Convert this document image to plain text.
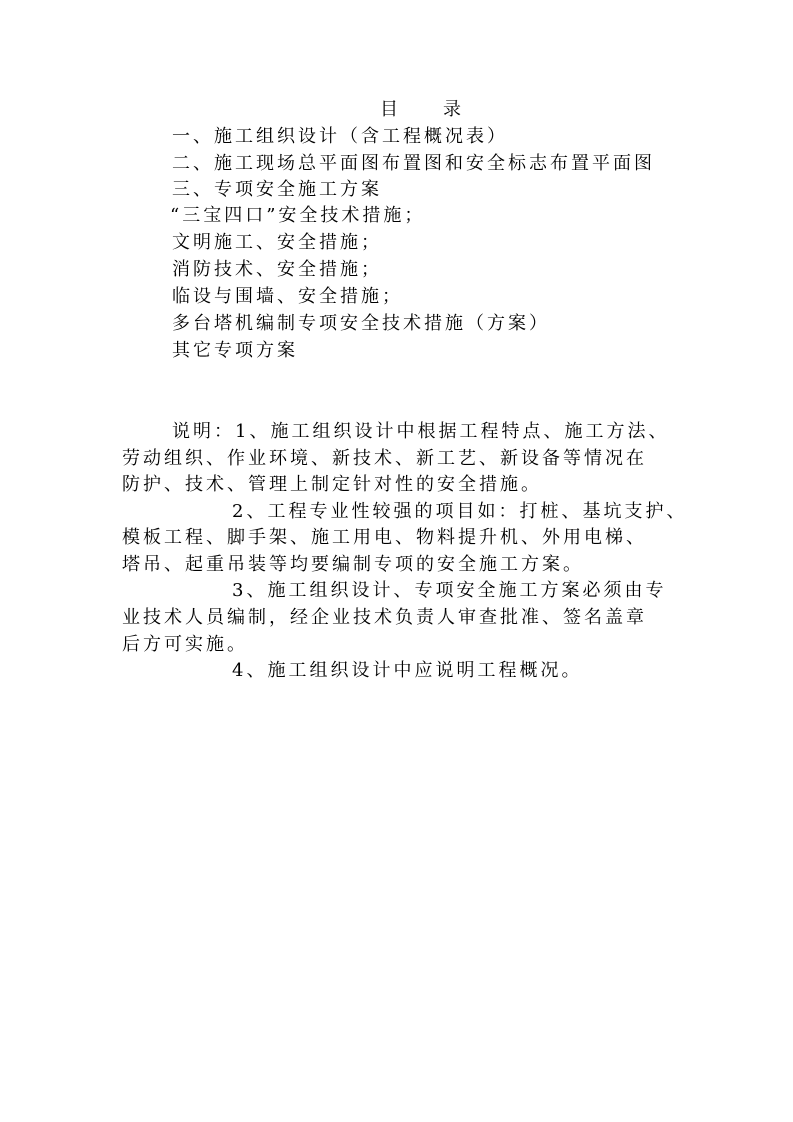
目　　录
一、施工组织设计（含工程概况表）
二、施工现场总平面图布置图和安全标志布置平面图
三、专项安全施工方案
“三宝四口”安全技术措施；
文明施工、安全措施；
消防技术、安全措施；
临设与围墙、安全措施；
多台塔机编制专项安全技术措施（方案）
其它专项方案
说明：1、施工组织设计中根据工程特点、施工方法、
劳动组织、作业环境、新技术、新工艺、新设备等情况在
防护、技术、管理上制定针对性的安全措施。
2、工程专业性较强的项目如：打桩、基坑支护、
模板工程、脚手架、施工用电、物料提升机、外用电梯、
塔吊、起重吊装等均要编制专项的安全施工方案。
3、施工组织设计、专项安全施工方案必须由专
业技术人员编制，经企业技术负责人审查批准、签名盖章
后方可实施。
4、施工组织设计中应说明工程概况。
